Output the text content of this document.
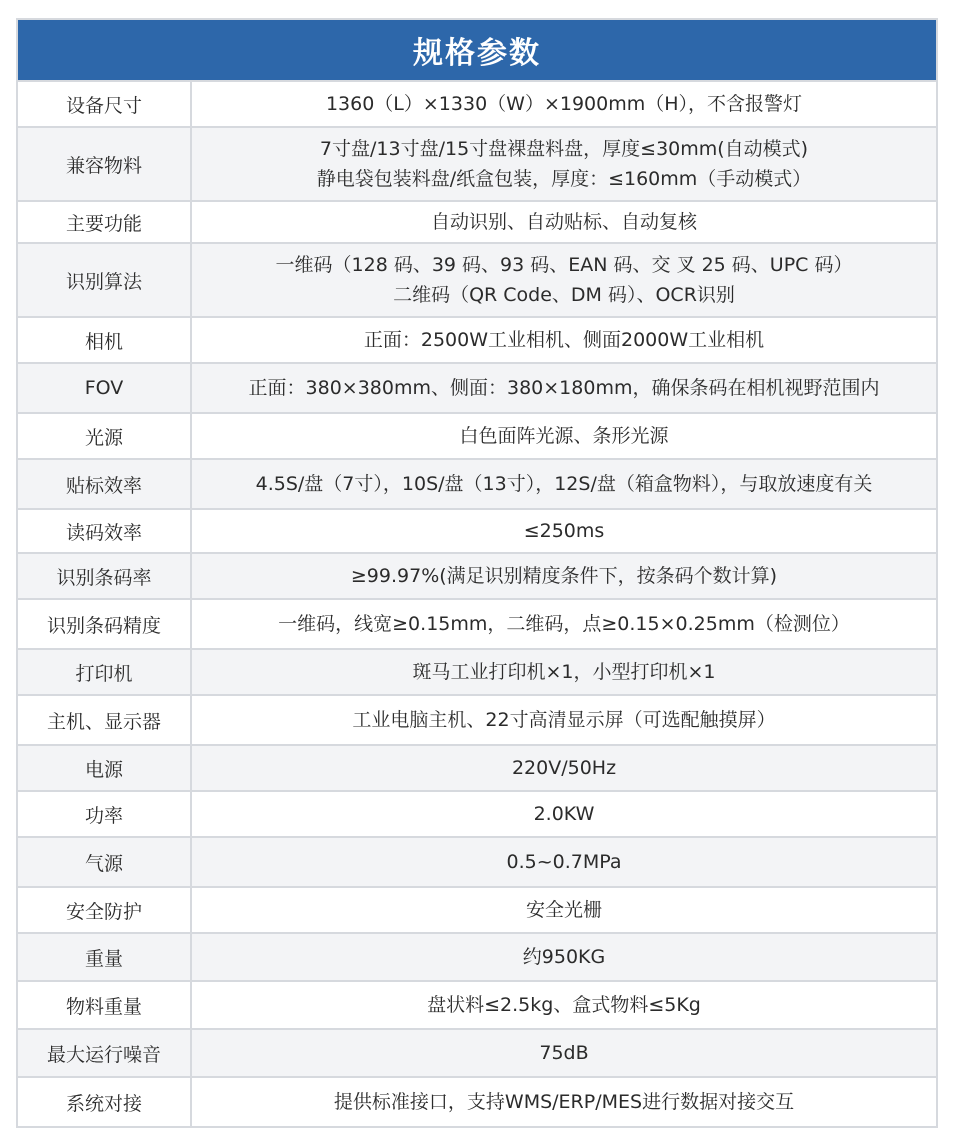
规格参数
设备尺寸	1360（L）×1330（W）×1900mm（H），不含报警灯
兼容物料
7寸盘/13寸盘/15寸盘裸盘料盘，厚度≤30mm(自动模式)
静电袋包装料盘/纸盒包装，厚度：≤160mm（手动模式）
主要功能	自动识别、自动贴标、自动复核
识别算法
一维码（128 码、39 码、93 码、EAN 码、交 叉 25 码、UPC 码）
二维码（QR Code、DM 码）、OCR识别
相机	正面：2500W工业相机、侧面2000W工业相机
FOV	正面：380×380mm、侧面：380×180mm，确保条码在相机视野范围内
光源	白色面阵光源、条形光源
贴标效率	4.5S/盘（7寸），10S/盘（13寸），12S/盘（箱盒物料），与取放速度有关
读码效率	≤250ms
识别条码率	≥99.97%(满足识别精度条件下，按条码个数计算)
识别条码精度	一维码，线宽≥0.15mm，二维码，点≥0.15×0.25mm（检测位）
打印机	斑马工业打印机×1，小型打印机×1
主机、显示器	工业电脑主机、22寸高清显示屏（可选配触摸屏）
电源	220V/50Hz
功率	2.0KW
气源	0.5~0.7MPa
安全防护	安全光栅
重量	约950KG
物料重量	盘状料≤2.5kg、盒式物料≤5Kg
最大运行噪音	75dB
系统对接	提供标准接口，支持WMS/ERP/MES进行数据对接交互
